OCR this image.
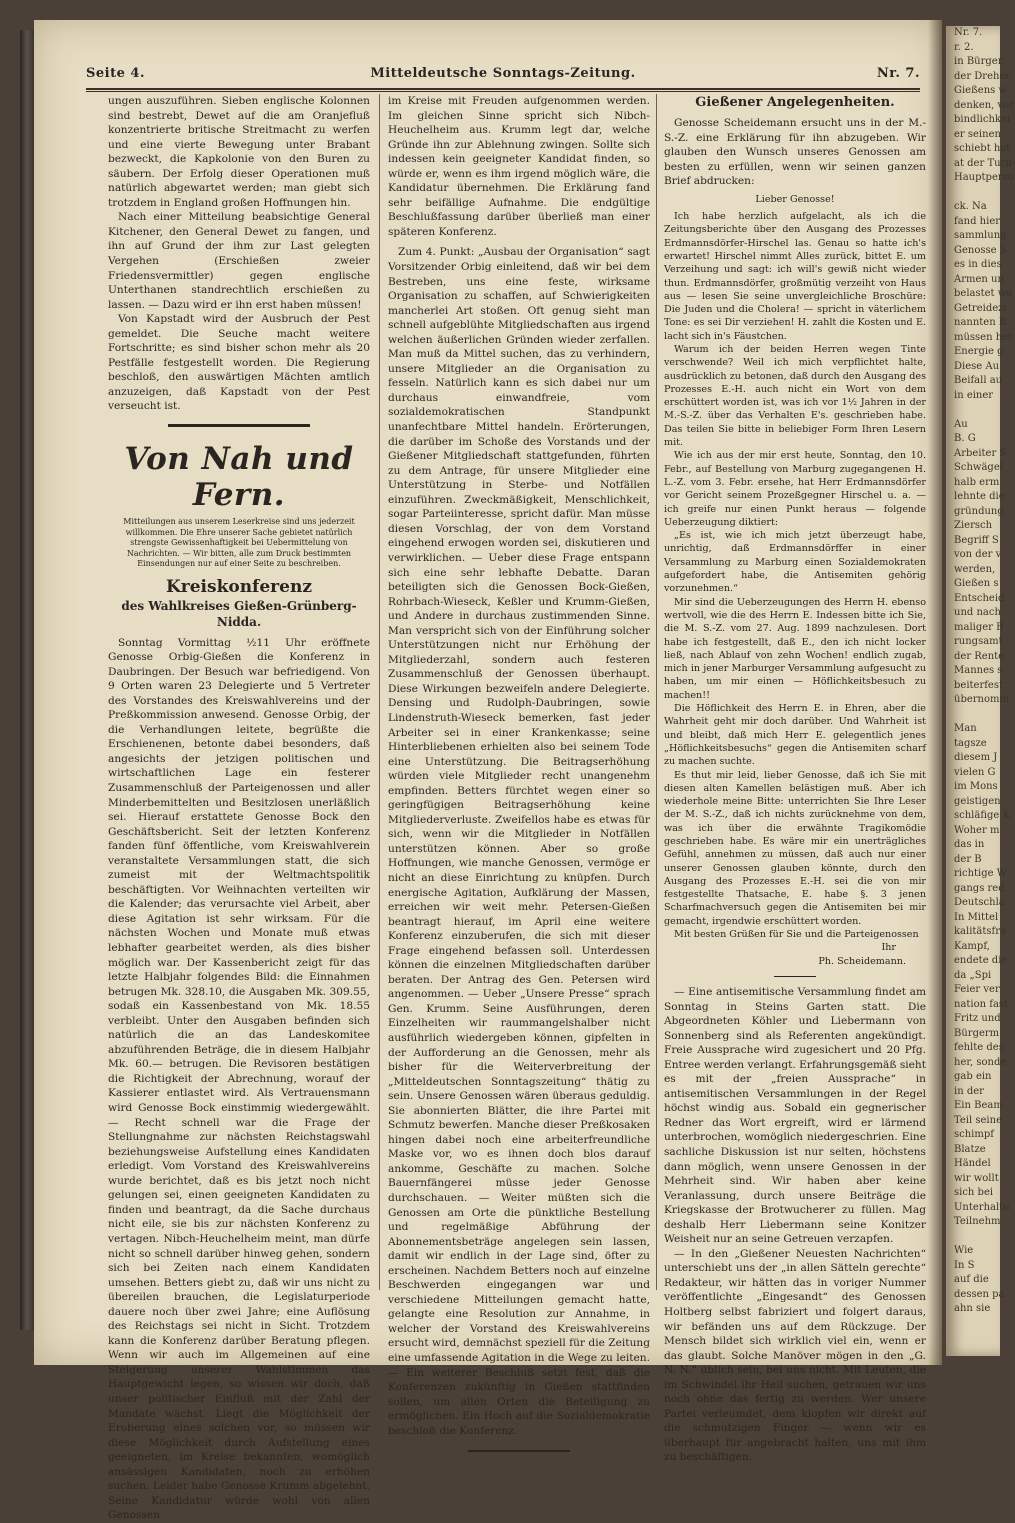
Nr. 7.
r. 2.
in Bürger
der Dreher
Gießens w
denken, vor
bindlichkei
er seinen
schiebt hat
at der Turn-
Hauptperso

ck. Na
fand hier
sammlung
Genosse S
es in dies
Armen un
belastet we
Getreidezi
nannten B
müssen her
Energie g
Diese Au
Beifall au
in einer

Au
B. G
Arbeiter S
Schwägel
halb erm
lehnte die
gründung
Ziersch
Begriff S
von der v
werden,
Gießen s
Entscheid
und nach
maliger B
rungsamt
der Rente
Mannes s
beiterfest
übernomm

Man
tagsze
diesem J
vielen G
im Mons
geistigen
schläfige K
Woher m
das in
der B
richtige W
gangs red
Deutschla
In Mittel
kalitätsfra
Kampf,
endete die
da „Spi
Feier ver
nation fast
Fritz und
Bürgerm
fehlte des
her, sonde
gab ein
in der
Ein Beam
Teil seine
schimpf
Blatze
Händel
wir wollt
sich bei
Unterhaltu
Teilnehm

Wie
In S
auf die
dessen pa
ahn sie
Seite 4.	Mitteldeutsche Sonntags-Zeitung.	Nr. 7.

ungen auszuführen. Sieben englische Kolonnen sind bestrebt, Dewet auf die am Oranjefluß konzentrierte britische Streitmacht zu werfen und eine vierte Bewegung unter Brabant bezweckt, die Kapkolonie von den Buren zu säubern. Der Erfolg dieser Operationen muß natürlich abgewartet werden; man giebt sich trotzdem in England großen Hoffnungen hin.

Nach einer Mitteilung beabsichtige General Kitchener, den General Dewet zu fangen, und ihn auf Grund der ihm zur Last gelegten Vergehen (Erschießen zweier Friedensvermittler) gegen englische Unterthanen standrechtlich erschießen zu lassen. — Dazu wird er ihn erst haben müssen!

Von Kapstadt wird der Ausbruch der Pest gemeldet. Die Seuche macht weitere Fortschritte; es sind bisher schon mehr als 20 Pestfälle festgestellt worden. Die Regierung beschloß, den auswärtigen Mächten amtlich anzuzeigen, daß Kapstadt von der Pest verseucht ist.

Von Nah und Fern.
Mitteilungen aus unserem Leserkreise sind uns jederzeit willkommen. Die Ehre unserer Sache gebietet natürlich strengste Gewissenhaftigkeit bei Uebermittelung von Nachrichten. — Wir bitten, alle zum Druck bestimmten Einsendungen nur auf einer Seite zu beschreiben.
Kreiskonferenz
des Wahlkreises Gießen-Grünberg-Nidda.

Sonntag Vormittag ½11 Uhr eröffnete Genosse Orbig-Gießen die Konferenz in Daubringen. Der Besuch war befriedigend. Von 9 Orten waren 23 Delegierte und 5 Vertreter des Vorstandes des Kreiswahlvereins und der Preßkommission anwesend. Genosse Orbig, der die Verhandlungen leitete, begrüßte die Erschienenen, betonte dabei besonders, daß angesichts der jetzigen politischen und wirtschaftlichen Lage ein festerer Zusammenschluß der Parteigenossen und aller Minderbemittelten und Besitzlosen unerläßlich sei. Hierauf erstattete Genosse Bock den Geschäftsbericht. Seit der letzten Konferenz fanden fünf öffentliche, vom Kreiswahlverein veranstaltete Versammlungen statt, die sich zumeist mit der Weltmachtspolitik beschäftigten. Vor Weihnachten verteilten wir die Kalender; das verursachte viel Arbeit, aber diese Agitation ist sehr wirksam. Für die nächsten Wochen und Monate muß etwas lebhafter gearbeitet werden, als dies bisher möglich war. Der Kassenbericht zeigt für das letzte Halbjahr folgendes Bild: die Einnahmen betrugen Mk. 328.10, die Ausgaben Mk. 309.55, sodaß ein Kassenbestand von Mk. 18.55 verbleibt. Unter den Ausgaben befinden sich natürlich die an das Landeskomitee abzuführenden Beträge, die in diesem Halbjahr Mk. 60.— betrugen. Die Revisoren bestätigen die Richtigkeit der Abrechnung, worauf der Kassierer entlastet wird. Als Vertrauensmann wird Genosse Bock einstimmig wiedergewählt. — Recht schnell war die Frage der Stellungnahme zur nächsten Reichstagswahl beziehungsweise Aufstellung eines Kandidaten erledigt. Vom Vorstand des Kreiswahlvereins wurde berichtet, daß es bis jetzt noch nicht gelungen sei, einen geeigneten Kandidaten zu finden und beantragt, da die Sache durchaus nicht eile, sie bis zur nächsten Konferenz zu vertagen. Nibch-Heuchelheim meint, man dürfe nicht so schnell darüber hinweg gehen, sondern sich bei Zeiten nach einem Kandidaten umsehen. Betters giebt zu, daß wir uns nicht zu übereilen brauchen, die Legislaturperiode dauere noch über zwei Jahre; eine Auflösung des Reichstags sei nicht in Sicht. Trotzdem kann die Konferenz darüber Beratung pflegen. Wenn wir auch im Allgemeinen auf eine Steigerung unserer Wahlstimmen das Hauptgewicht legen, so wissen wir doch, daß unser politischer Einfluß mit der Zahl der Mandate wächst. Liegt die Möglichkeit der Eroberung eines solchen vor, so müssen wir diese Möglichkeit durch Aufstellung eines geeigneten, im Kreise bekannten, womöglich ansässigen Kandidaten, noch zu erhöhen suchen. Leider habe Genosse Krumm abgelehnt. Seine Kandidatur würde wohl von allen Genossen

im Kreise mit Freuden aufgenommen werden. Im gleichen Sinne spricht sich Nibch-Heuchelheim aus. Krumm legt dar, welche Gründe ihn zur Ablehnung zwingen. Sollte sich indessen kein geeigneter Kandidat finden, so würde er, wenn es ihm irgend möglich wäre, die Kandidatur übernehmen. Die Erklärung fand sehr beifällige Aufnahme. Die endgültige Beschlußfassung darüber überließ man einer späteren Konferenz.

Zum 4. Punkt: „Ausbau der Organisation“ sagt Vorsitzender Orbig einleitend, daß wir bei dem Bestreben, uns eine feste, wirksame Organisation zu schaffen, auf Schwierigkeiten mancherlei Art stoßen. Oft genug sieht man schnell aufgeblühte Mitgliedschaften aus irgend welchen äußerlichen Gründen wieder zerfallen. Man muß da Mittel suchen, das zu verhindern, unsere Mitglieder an die Organisation zu fesseln. Natürlich kann es sich dabei nur um durchaus einwandfreie, vom sozialdemokratischen Standpunkt unanfechtbare Mittel handeln. Erörterungen, die darüber im Schoße des Vorstands und der Gießener Mitgliedschaft stattgefunden, führten zu dem Antrage, für unsere Mitglieder eine Unterstützung in Sterbe- und Notfällen einzuführen. Zweckmäßigkeit, Menschlichkeit, sogar Parteiinteresse, spricht dafür. Man müsse diesen Vorschlag, der von dem Vorstand eingehend erwogen worden sei, diskutieren und verwirklichen. — Ueber diese Frage entspann sich eine sehr lebhafte Debatte. Daran beteiligten sich die Genossen Bock-Gießen, Rohrbach-Wieseck, Keßler und Krumm-Gießen, und Andere in durchaus zustimmenden Sinne. Man verspricht sich von der Einführung solcher Unterstützungen nicht nur Erhöhung der Mitgliederzahl, sondern auch festeren Zusammenschluß der Genossen überhaupt. Diese Wirkungen bezweifeln andere Delegierte. Densing und Rudolph-Daubringen, sowie Lindenstruth-Wieseck bemerken, fast jeder Arbeiter sei in einer Krankenkasse; seine Hinterbliebenen erhielten also bei seinem Tode eine Unterstützung. Die Beitragserhöhung würden viele Mitglieder recht unangenehm empfinden. Betters fürchtet wegen einer so geringfügigen Beitragserhöhung keine Mitgliederverluste. Zweifellos habe es etwas für sich, wenn wir die Mitglieder in Notfällen unterstützen können. Aber so große Hoffnungen, wie manche Genossen, vermöge er nicht an diese Einrichtung zu knüpfen. Durch energische Agitation, Aufklärung der Massen, erreichen wir weit mehr. Petersen-Gießen beantragt hierauf, im April eine weitere Konferenz einzuberufen, die sich mit dieser Frage eingehend befassen soll. Unterdessen können die einzelnen Mitgliedschaften darüber beraten. Der Antrag des Gen. Petersen wird angenommen. — Ueber „Unsere Presse“ sprach Gen. Krumm. Seine Ausführungen, deren Einzelheiten wir raummangelshalber nicht ausführlich wiedergeben können, gipfelten in der Aufforderung an die Genossen, mehr als bisher für die Weiterverbreitung der „Mitteldeutschen Sonntagszeitung“ thätig zu sein. Unsere Genossen wären überaus geduldig. Sie abonnierten Blätter, die ihre Partei mit Schmutz bewerfen. Manche dieser Preßkosaken hingen dabei noch eine arbeiterfreundliche Maske vor, wo es ihnen doch blos darauf ankomme, Geschäfte zu machen. Solche Bauernfängerei müsse jeder Genosse durchschauen. — Weiter müßten sich die Genossen am Orte die pünktliche Bestellung und regelmäßige Abführung der Abonnementsbeträge angelegen sein lassen, damit wir endlich in der Lage sind, öfter zu erscheinen. Nachdem Betters noch auf einzelne Beschwerden eingegangen war und verschiedene Mitteilungen gemacht hatte, gelangte eine Resolution zur Annahme, in welcher der Vorstand des Kreiswahlvereins ersucht wird, demnächst speziell für die Zeitung eine umfassende Agitation in die Wege zu leiten. — Ein weiterer Beschluß setzt fest, daß die Konferenzen zukünftig in Gießen stattfinden sollen, um allen Orten die Beteiligung zu ermöglichen. Ein Hoch auf die Sozialdemokratie beschloß die Konferenz.

Gießener Angelegenheiten.

Genosse Scheidemann ersucht uns in der M.-S.-Z. eine Erklärung für ihn abzugeben. Wir glauben den Wunsch unseres Genossen am besten zu erfüllen, wenn wir seinen ganzen Brief abdrucken:

Lieber Genosse!

Ich habe herzlich aufgelacht, als ich die Zeitungsberichte über den Ausgang des Prozesses Erdmannsdörfer-Hirschel las. Genau so hatte ich's erwartet! Hirschel nimmt Alles zurück, bittet E. um Verzeihung und sagt: ich will's gewiß nicht wieder thun. Erdmannsdörfer, großmütig verzeiht von Haus aus — lesen Sie seine unvergleichliche Broschüre: Die Juden und die Cholera! — spricht in väterlichem Tone: es sei Dir verziehen! H. zahlt die Kosten und E. lacht sich in's Fäustchen.

Warum ich der beiden Herren wegen Tinte verschwende? Weil ich mich verpflichtet halte, ausdrücklich zu betonen, daß durch den Ausgang des Prozesses E.-H. auch nicht ein Wort von dem erschüttert worden ist, was ich vor 1½ Jahren in der M.-S.-Z. über das Verhalten E's. geschrieben habe. Das teilen Sie bitte in beliebiger Form Ihren Lesern mit.

Wie ich aus der mir erst heute, Sonntag, den 10. Febr., auf Bestellung von Marburg zugegangenen H. L.-Z. vom 3. Febr. ersehe, hat Herr Erdmannsdörfer vor Gericht seinem Prozeßgegner Hirschel u. a. — ich greife nur einen Punkt heraus — folgende Ueberzeugung diktiert:

„Es ist, wie ich mich jetzt überzeugt habe, unrichtig, daß Erdmannsdörffer in einer Versammlung zu Marburg einen Sozialdemokraten aufgefordert habe, die Antisemiten gehörig vorzunehmen.“

Mir sind die Ueberzeugungen des Herrn H. ebenso wertvoll, wie die des Herrn E. Indessen bitte ich Sie, die M. S.-Z. vom 27. Aug. 1899 nachzulesen. Dort habe ich festgestellt, daß E., den ich nicht locker ließ, nach Ablauf von zehn Wochen! endlich zugab, mich in jener Marburger Versammlung aufgesucht zu haben, um mir einen — Höflichkeitsbesuch zu machen!!

Die Höflichkeit des Herrn E. in Ehren, aber die Wahrheit geht mir doch darüber. Und Wahrheit ist und bleibt, daß mich Herr E. gelegentlich jenes „Höflichkeitsbesuchs“ gegen die Antisemiten scharf zu machen suchte.

Es thut mir leid, lieber Genosse, daß ich Sie mit diesen alten Kamellen belästigen muß. Aber ich wiederhole meine Bitte: unterrichten Sie Ihre Leser der M. S.-Z., daß ich nichts zurücknehme von dem, was ich über die erwähnte Tragikomödie geschrieben habe. Es wäre mir ein unerträgliches Gefühl, annehmen zu müssen, daß auch nur einer unserer Genossen glauben könnte, durch den Ausgang des Prozesses E.-H. sei die von mir festgestellte Thatsache, E. habe §. 3 jenen Scharfmachversuch gegen die Antisemiten bei mir gemacht, irgendwie erschüttert worden.

Mit besten Grüßen für Sie und die Parteigenossen

Ihr
Ph. Scheidemann.

— Eine antisemitische Versammlung findet am Sonntag in Steins Garten statt. Die Abgeordneten Köhler und Liebermann von Sonnenberg sind als Referenten angekündigt. Freie Aussprache wird zugesichert und 20 Pfg. Entree werden verlangt. Erfahrungsgemäß sieht es mit der „freien Aussprache“ in antisemitischen Versammlungen in der Regel höchst windig aus. Sobald ein gegnerischer Redner das Wort ergreift, wird er lärmend unterbrochen, womöglich niedergeschrien. Eine sachliche Diskussion ist nur selten, höchstens dann möglich, wenn unsere Genossen in der Mehrheit sind. Wir haben aber keine Veranlassung, durch unsere Beiträge die Kriegskasse der Brotwucherer zu füllen. Mag deshalb Herr Liebermann seine Konitzer Weisheit nur an seine Getreuen verzapfen.

— In den „Gießener Neuesten Nachrichten“ unterschiebt uns der „in allen Sätteln gerechte“ Redakteur, wir hätten das in voriger Nummer veröffentlichte „Eingesandt“ des Genossen Holtberg selbst fabriziert und folgert daraus, wir befänden uns auf dem Rückzuge. Der Mensch bildet sich wirklich viel ein, wenn er das glaubt. Solche Manöver mögen in den „G. N. N.“ üblich sein, bei uns nicht. Mit Leuten, die im Schwindel ihr Heil suchen, getrauen wir uns noch ohne das fertig zu werden. Wer unsere Partei verleumdet, dem klopfen wir direkt auf die schmutzigen Finger — wenn wir es überhaupt für angebracht halten, uns mit ihm zu beschäftigen.
